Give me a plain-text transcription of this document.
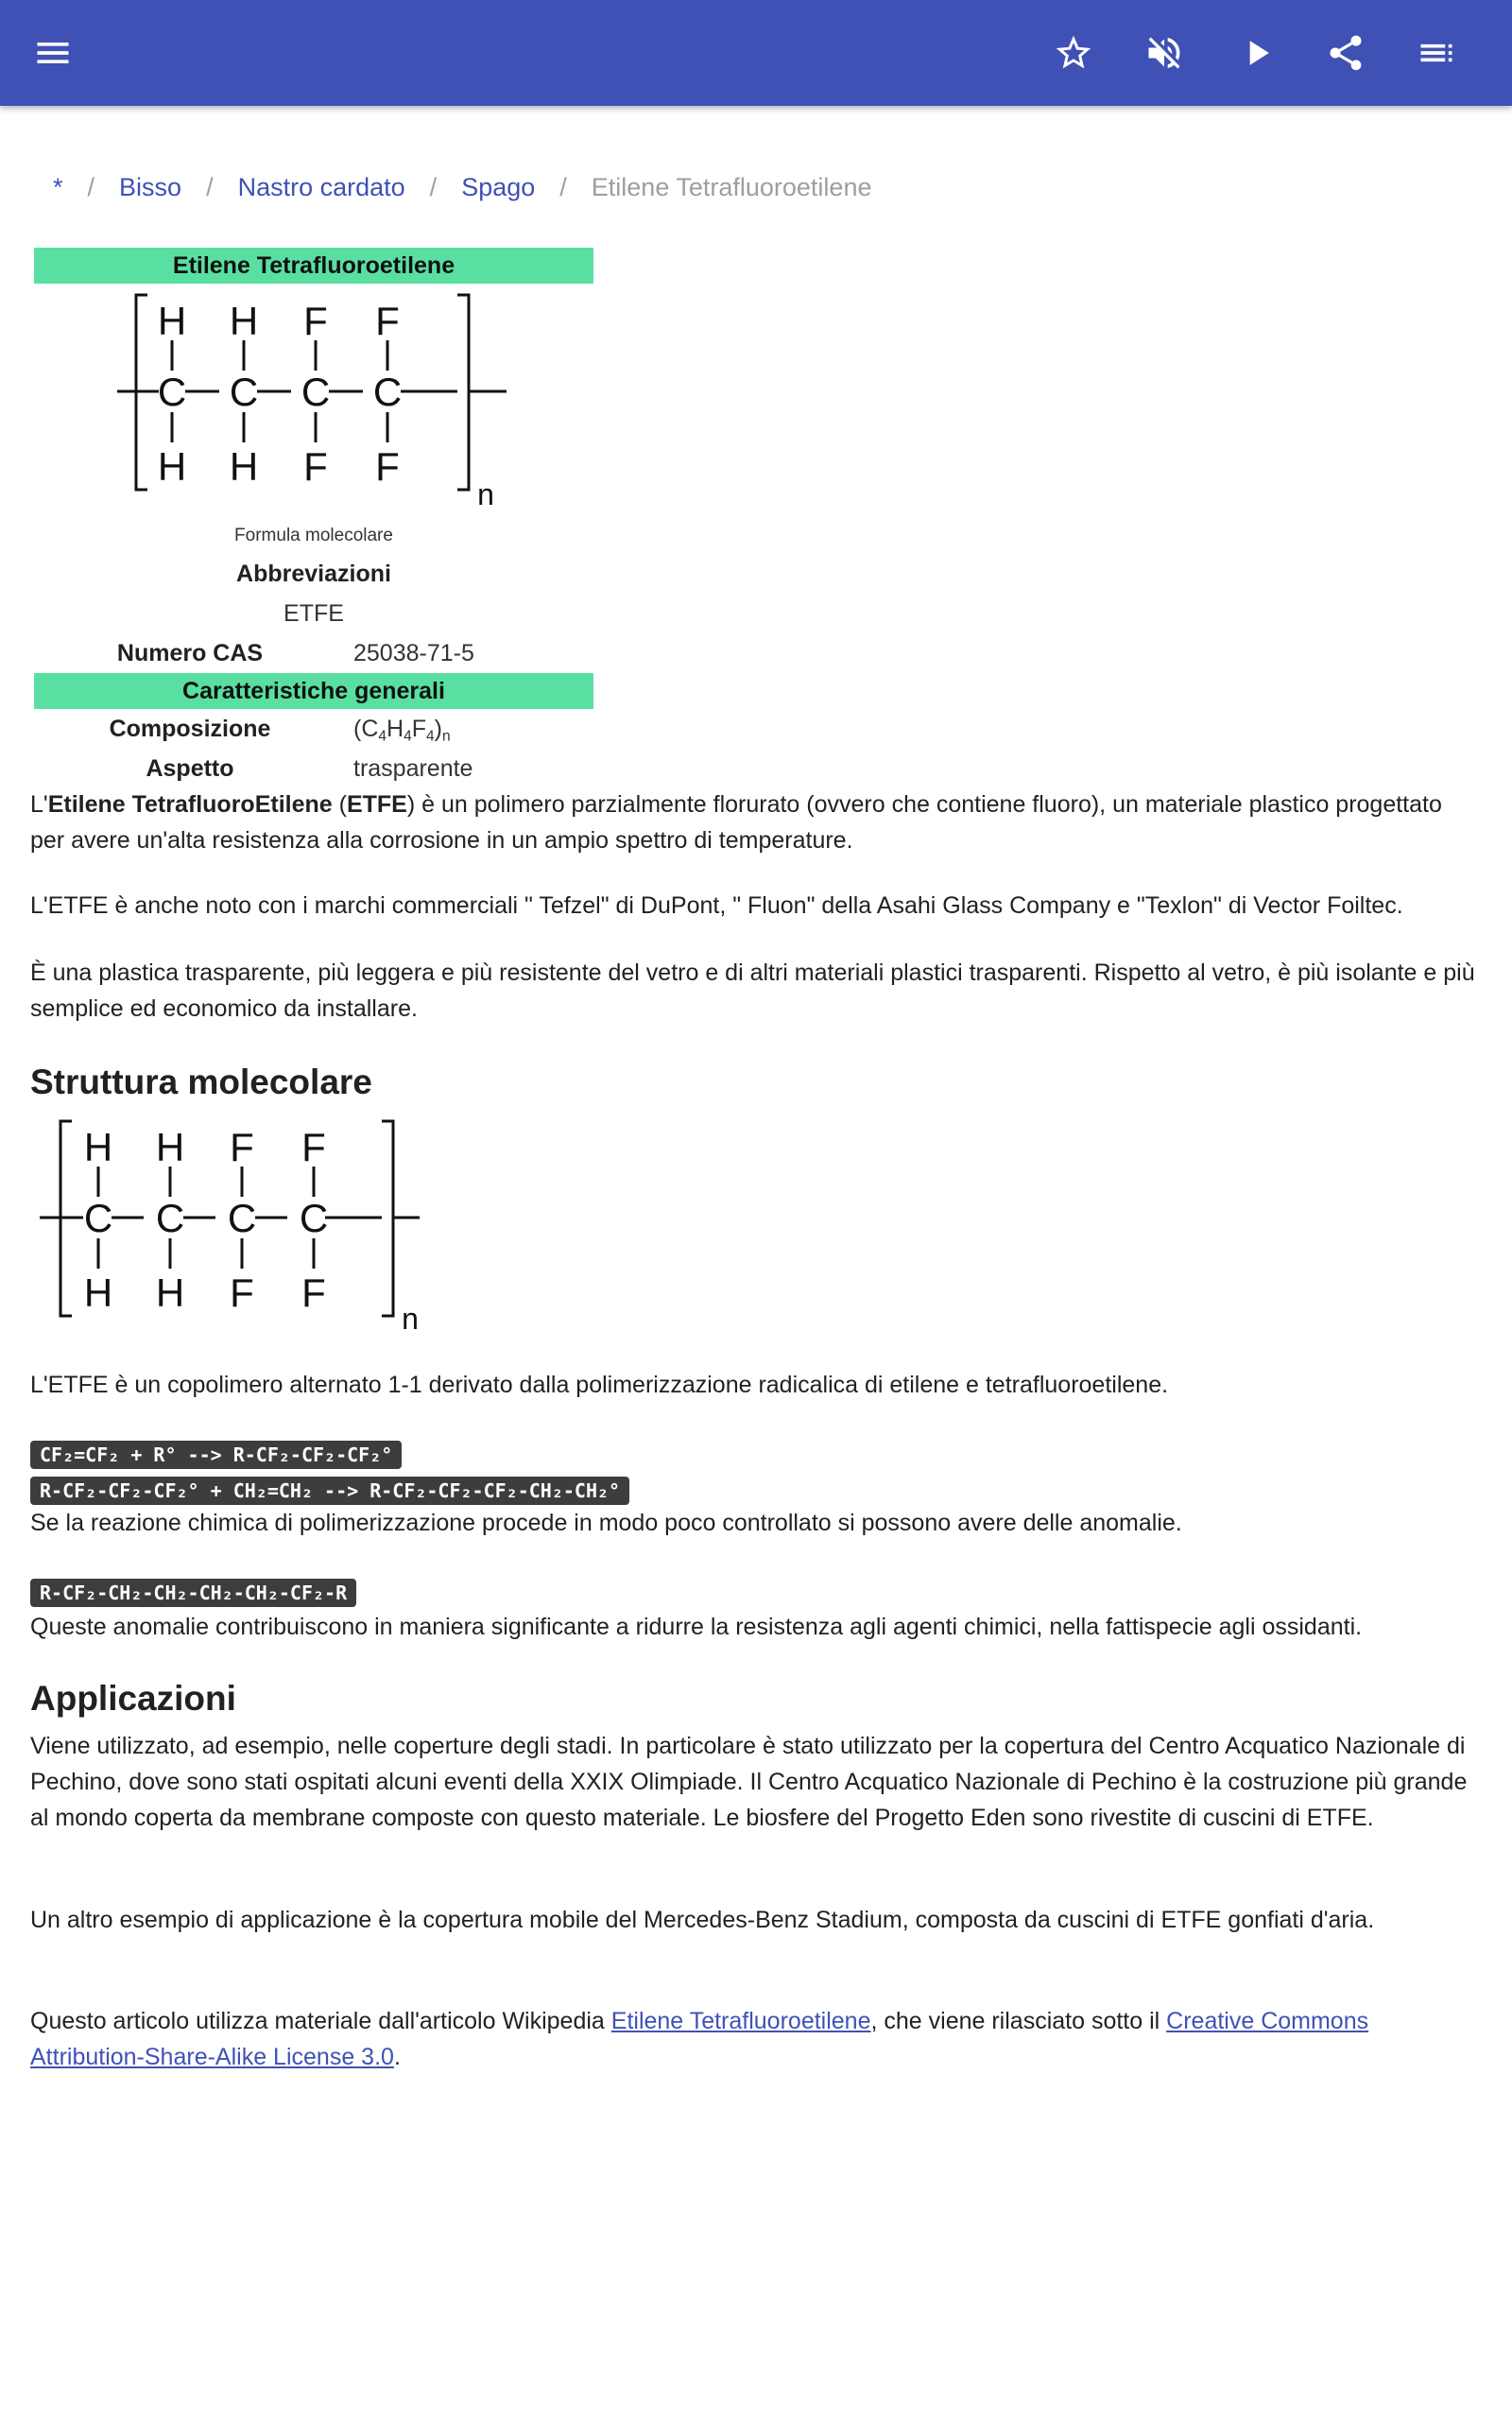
* / Bisso / Nastro cardato / Spago / Etilene Tetrafluoroetilene
Etilene Tetrafluoroetilene
H H F F
C C C C
H H F F
n
Formula molecolare
Abbreviazioni
ETFE
Numero CAS	25038-71-5
Caratteristiche generali
Composizione	$(C_4H_4F_4)_n$
Aspetto	trasparente

L'Etilene TetrafluoroEtilene (ETFE) è un polimero parzialmente florurato (ovvero che contiene fluoro), un materiale plastico progettato per avere un'alta resistenza alla corrosione in un ampio spettro di temperature.

L'ETFE è anche noto con i marchi commerciali " Tefzel" di DuPont, " Fluon" della Asahi Glass Company e "Texlon" di Vector Foiltec.

È una plastica trasparente, più leggera e più resistente del vetro e di altri materiali plastici trasparenti. Rispetto al vetro, è più isolante e più semplice ed economico da installare.

Struttura molecolare
H H F F
C C C C
H H F F
n

L'ETFE è un copolimero alternato 1-1 derivato dalla polimerizzazione radicalica di etilene e tetrafluoroetilene.

CF₂=CF₂ + R° --> R-CF₂-CF₂-CF₂°
R-CF₂-CF₂-CF₂° + CH₂=CH₂ --> R-CF₂-CF₂-CF₂-CH₂-CH₂°

Se la reazione chimica di polimerizzazione procede in modo poco controllato si possono avere delle anomalie.

R-CF₂-CH₂-CH₂-CH₂-CH₂-CF₂-R

Queste anomalie contribuiscono in maniera significante a ridurre la resistenza agli agenti chimici, nella fattispecie agli ossidanti.

Applicazioni

Viene utilizzato, ad esempio, nelle coperture degli stadi. In particolare è stato utilizzato per la copertura del Centro Acquatico Nazionale di Pechino, dove sono stati ospitati alcuni eventi della XXIX Olimpiade. Il Centro Acquatico Nazionale di Pechino è la costruzione più grande al mondo coperta da membrane composte con questo materiale. Le biosfere del Progetto Eden sono rivestite di cuscini di ETFE.

Un altro esempio di applicazione è la copertura mobile del Mercedes-Benz Stadium, composta da cuscini di ETFE gonfiati d'aria.

Questo articolo utilizza materiale dall'articolo Wikipedia Etilene Tetrafluoroetilene, che viene rilasciato sotto il Creative Commons Attribution-Share-Alike License 3.0.
